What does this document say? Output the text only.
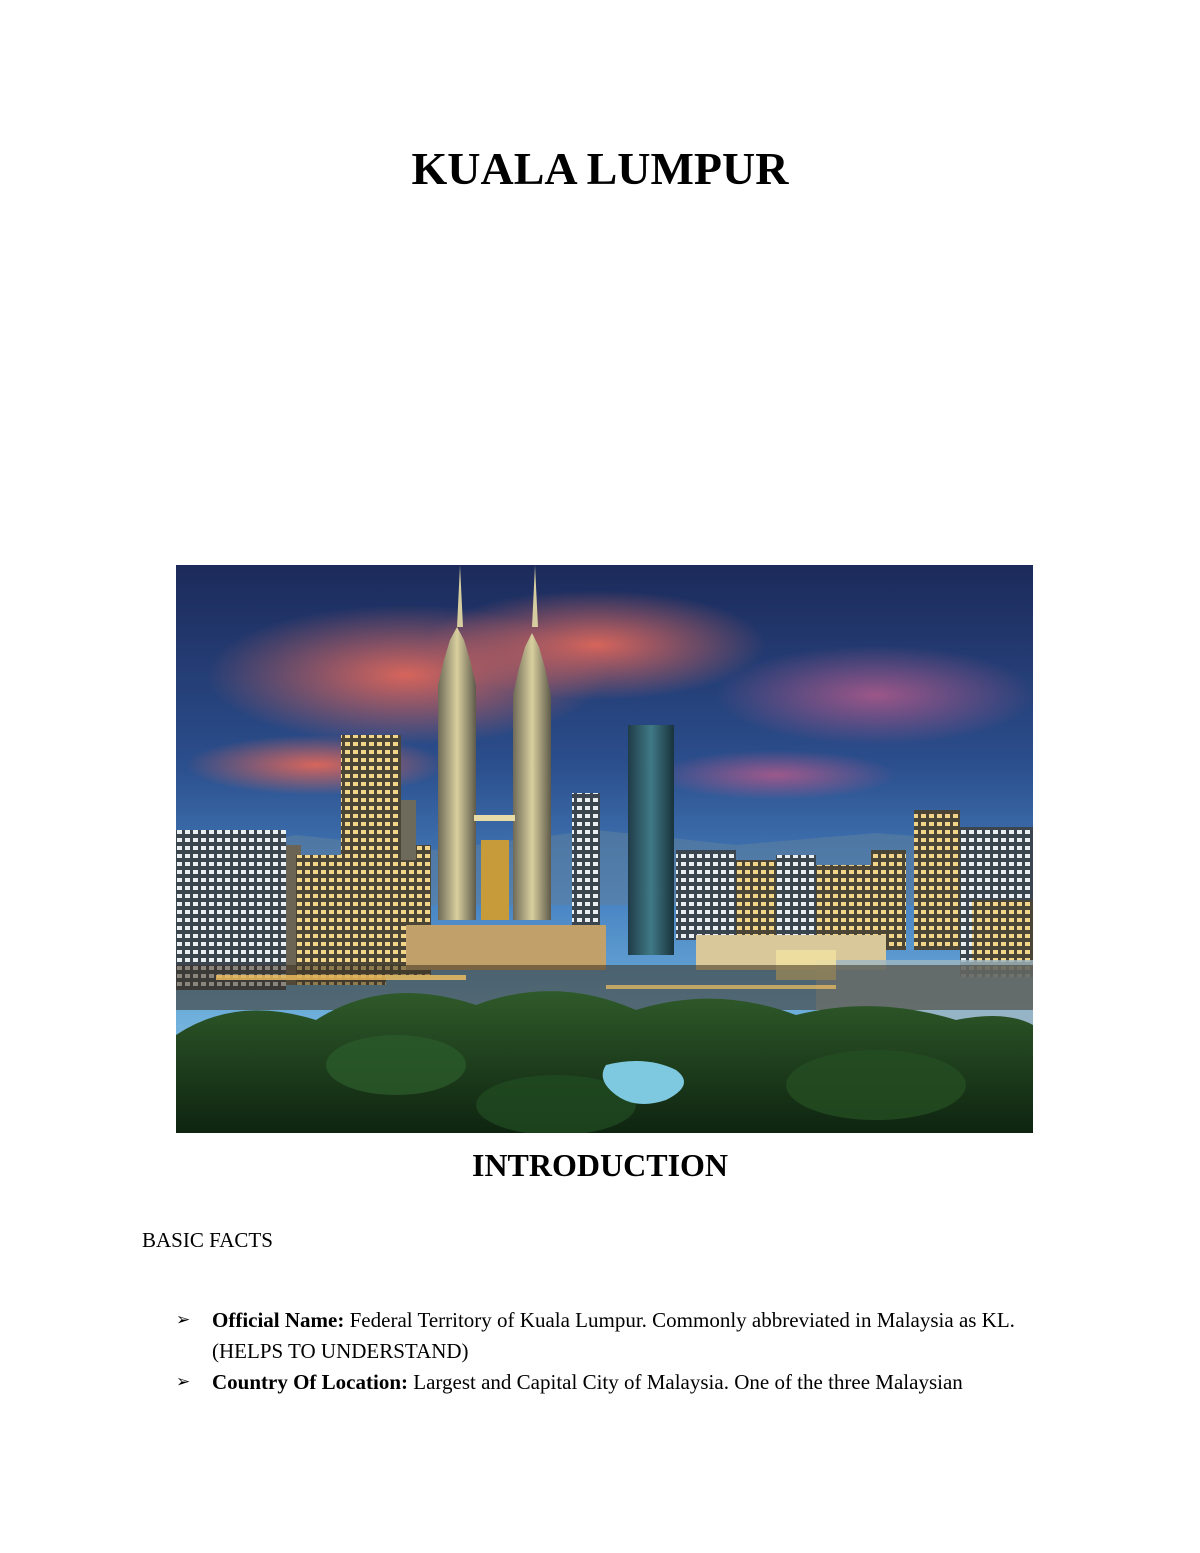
KUALA LUMPUR
INTRODUCTION

BASIC FACTS

➢ Official Name: Federal Territory of Kuala Lumpur. Commonly abbreviated in Malaysia as KL. (HELPS TO UNDERSTAND)
➢ Country Of Location: Largest and Capital City of Malaysia. One of the three Malaysian
